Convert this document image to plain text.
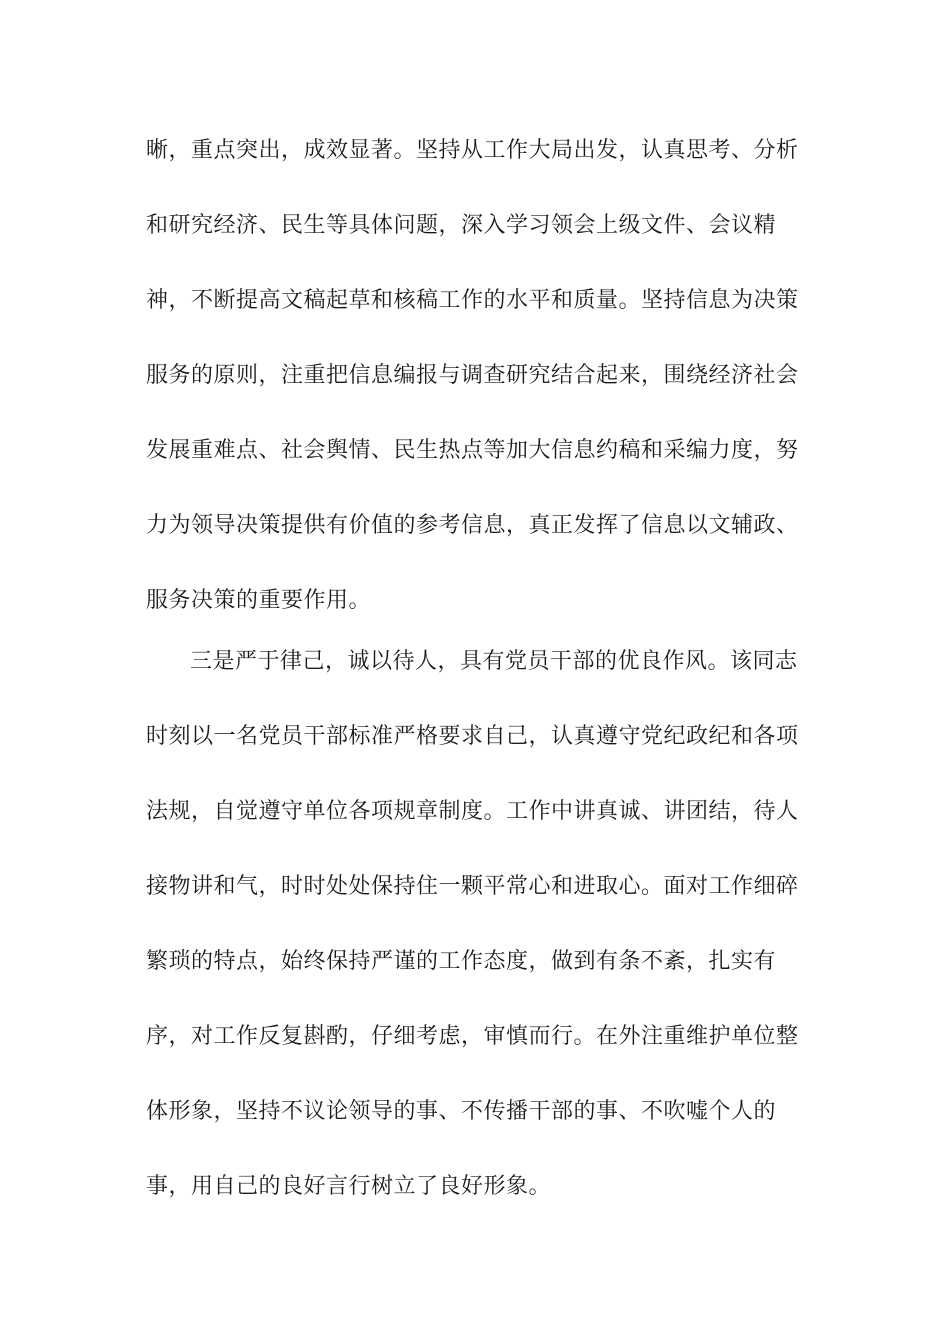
晰，重点突出，成效显著。坚持从工作大局出发，认真思考、分析
和研究经济、民生等具体问题，深入学习领会上级文件、会议精
神，不断提高文稿起草和核稿工作的水平和质量。坚持信息为决策
服务的原则，注重把信息编报与调查研究结合起来，围绕经济社会
发展重难点、社会舆情、民生热点等加大信息约稿和采编力度，努
力为领导决策提供有价值的参考信息，真正发挥了信息以文辅政、
服务决策的重要作用。
三是严于律己，诚以待人，具有党员干部的优良作风。该同志
时刻以一名党员干部标准严格要求自己，认真遵守党纪政纪和各项
法规，自觉遵守单位各项规章制度。工作中讲真诚、讲团结，待人
接物讲和气，时时处处保持住一颗平常心和进取心。面对工作细碎
繁琐的特点，始终保持严谨的工作态度，做到有条不紊，扎实有
序，对工作反复斟酌，仔细考虑，审慎而行。在外注重维护单位整
体形象，坚持不议论领导的事、不传播干部的事、不吹嘘个人的
事，用自己的良好言行树立了良好形象。
